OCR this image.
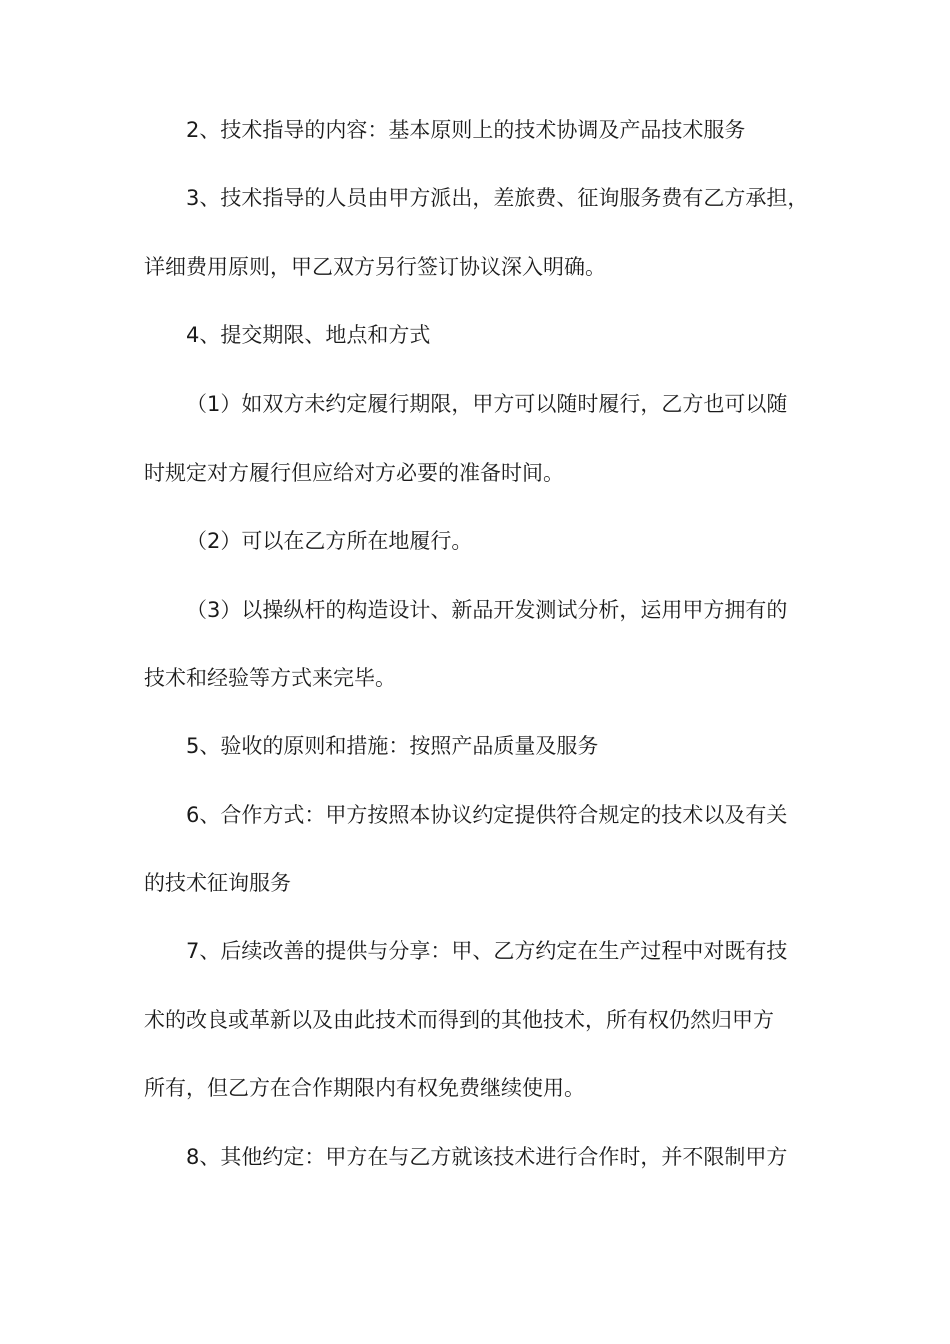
2、技术指导的内容：基本原则上的技术协调及产品技术服务
3、技术指导的人员由甲方派出，差旅费、征询服务费有乙方承担，
详细费用原则，甲乙双方另行签订协议深入明确。
4、提交期限、地点和方式
（1）如双方未约定履行期限，甲方可以随时履行，乙方也可以随
时规定对方履行但应给对方必要的准备时间。
（2）可以在乙方所在地履行。
（3）以操纵杆的构造设计、新品开发测试分析，运用甲方拥有的
技术和经验等方式来完毕。
5、验收的原则和措施：按照产品质量及服务
6、合作方式：甲方按照本协议约定提供符合规定的技术以及有关
的技术征询服务
7、后续改善的提供与分享：甲、乙方约定在生产过程中对既有技
术的改良或革新以及由此技术而得到的其他技术，所有权仍然归甲方
所有，但乙方在合作期限内有权免费继续使用。
8、其他约定：甲方在与乙方就该技术进行合作时，并不限制甲方
